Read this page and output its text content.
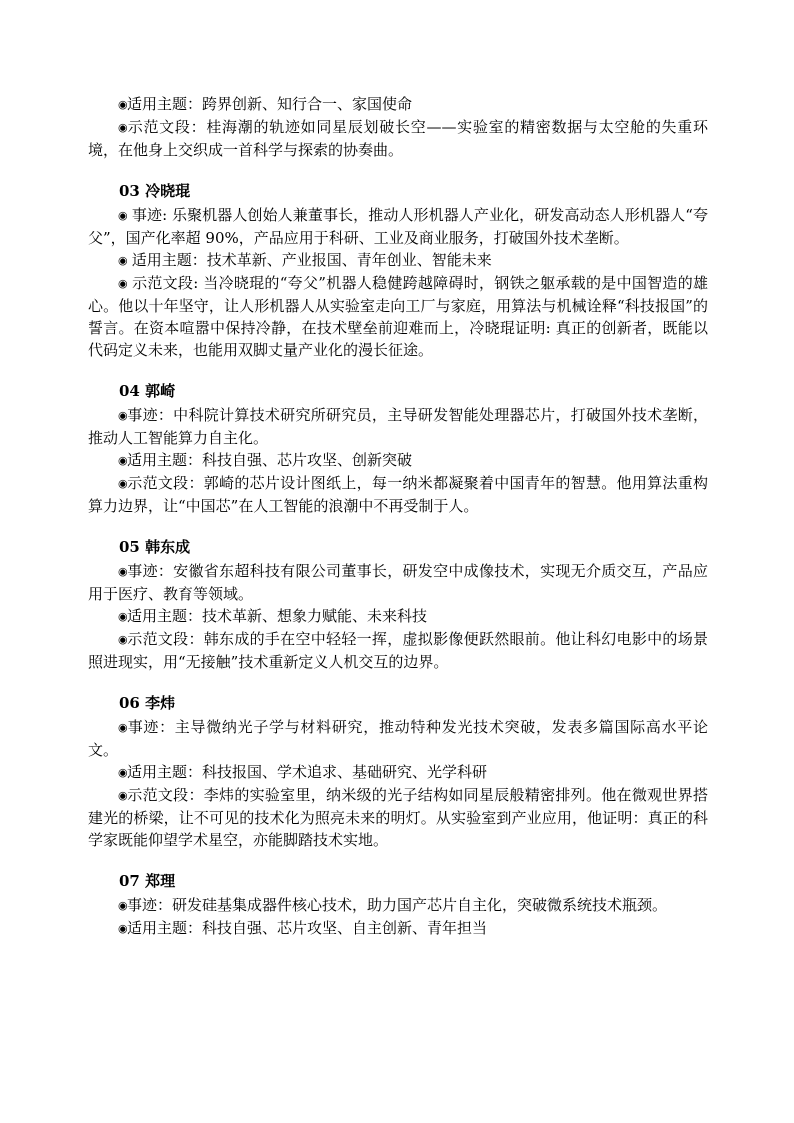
◉适用主题：跨界创新、知行合一、家国使命

◉示范文段：桂海潮的轨迹如同星辰划破长空——实验室的精密数据与太空舱的失重环境，在他身上交织成一首科学与探索的协奏曲。

03 冷晓琨

◉ 事迹: 乐聚机器人创始人兼董事长，推动人形机器人产业化，研发高动态人形机器人“夸父”，国产化率超 90%，产品应用于科研、工业及商业服务，打破国外技术垄断。

◉ 适用主题：技术革新、产业报国、青年创业、智能未来

◉ 示范文段: 当冷晓琨的“夸父”机器人稳健跨越障碍时，钢铁之躯承载的是中国智造的雄心。他以十年坚守，让人形机器人从实验室走向工厂与家庭，用算法与机械诠释“科技报国”的誓言。在资本喧嚣中保持冷静，在技术壁垒前迎难而上，冷晓琨证明: 真正的创新者，既能以代码定义未来，也能用双脚丈量产业化的漫长征途。

04 郭崎

◉事迹：中科院计算技术研究所研究员，主导研发智能处理器芯片，打破国外技术垄断，推动人工智能算力自主化。

◉适用主题：科技自强、芯片攻坚、创新突破

◉示范文段：郭崎的芯片设计图纸上，每一纳米都凝聚着中国青年的智慧。他用算法重构算力边界，让“中国芯”在人工智能的浪潮中不再受制于人。

05 韩东成

◉事迹：安徽省东超科技有限公司董事长，研发空中成像技术，实现无介质交互，产品应用于医疗、教育等领域。

◉适用主题：技术革新、想象力赋能、未来科技

◉示范文段：韩东成的手在空中轻轻一挥，虚拟影像便跃然眼前。他让科幻电影中的场景照进现实，用“无接触”技术重新定义人机交互的边界。

06 李炜

◉事迹：主导微纳光子学与材料研究，推动特种发光技术突破，发表多篇国际高水平论文。

◉适用主题：科技报国、学术追求、基础研究、光学科研

◉示范文段：李炜的实验室里，纳米级的光子结构如同星辰般精密排列。他在微观世界搭建光的桥梁，让不可见的技术化为照亮未来的明灯。从实验室到产业应用，他证明：真正的科学家既能仰望学术星空，亦能脚踏技术实地。

07 郑理

◉事迹：研发硅基集成器件核心技术，助力国产芯片自主化，突破微系统技术瓶颈。

◉适用主题：科技自强、芯片攻坚、自主创新、青年担当
